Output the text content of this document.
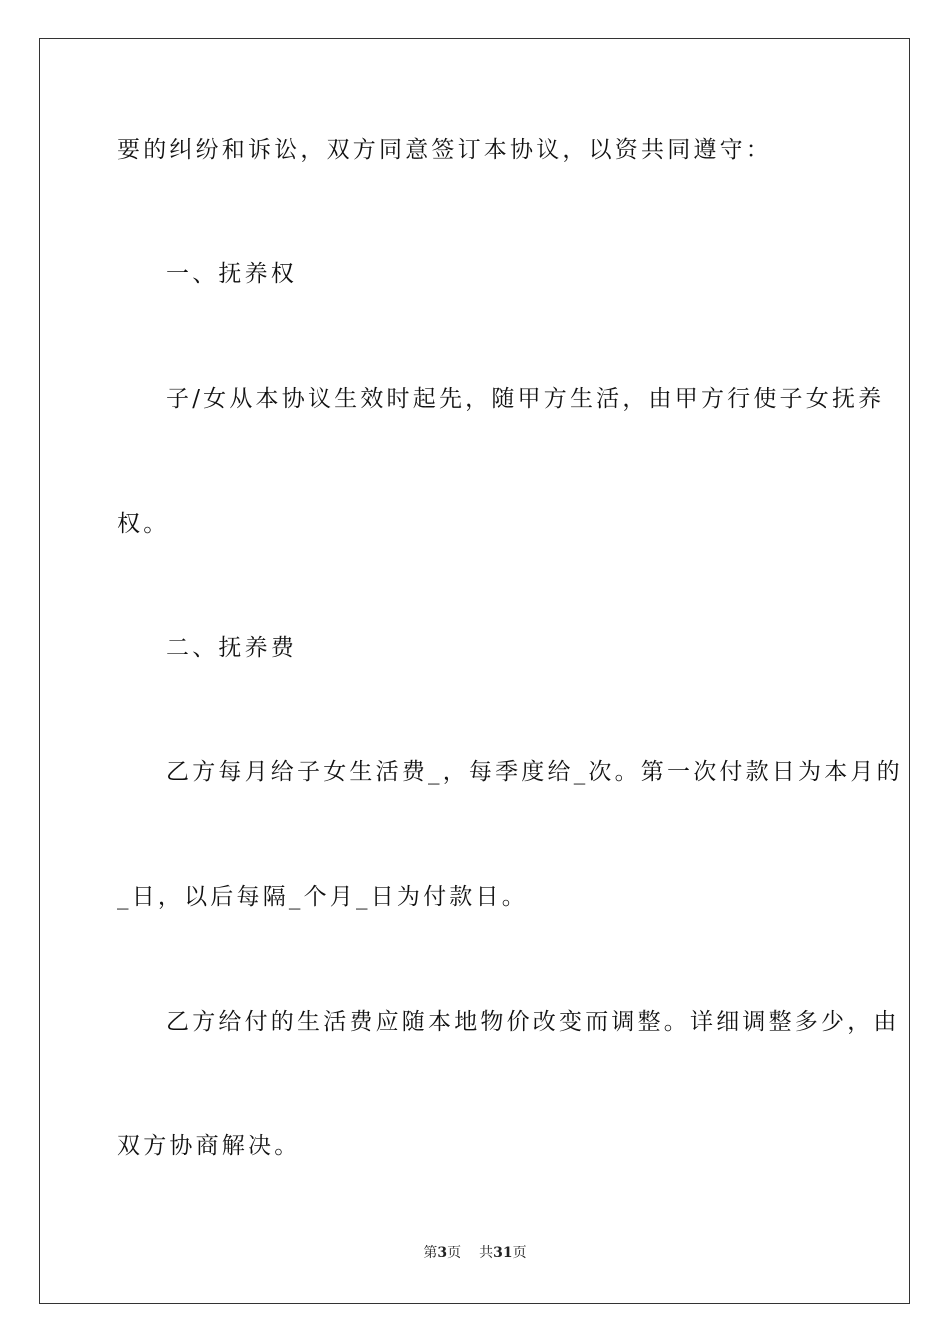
要的纠纷和诉讼，双方同意签订本协议，以资共同遵守：
一、抚养权
子/女从本协议生效时起先，随甲方生活，由甲方行使子女抚养
权。
二、抚养费
乙方每月给子女生活费_，每季度给_次。第一次付款日为本月的
_日，以后每隔_个月_日为付款日。
乙方给付的生活费应随本地物价改变而调整。详细调整多少，由
双方协商解决。
第3页 共31页
